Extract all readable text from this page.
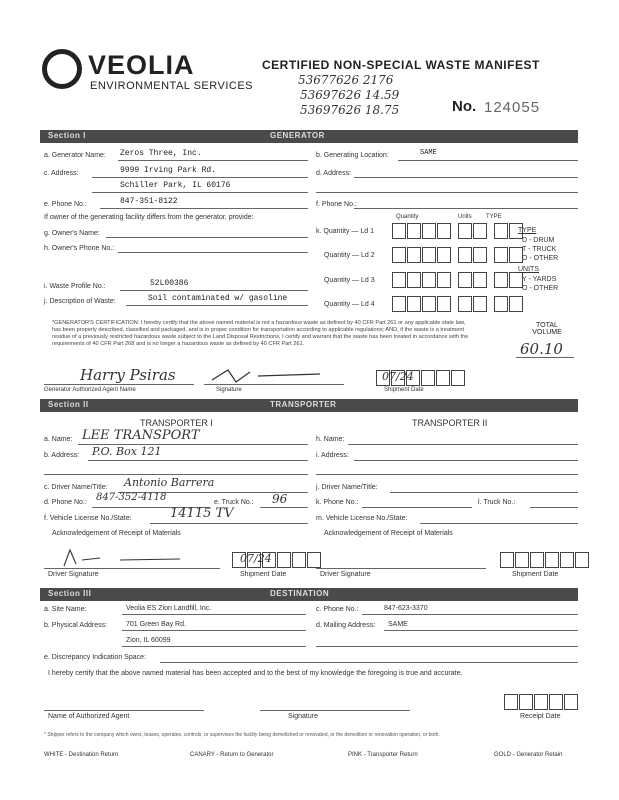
VEOLIA
ENVIRONMENTAL SERVICES
CERTIFIED NON-SPECIAL WASTE MANIFEST
53677626 2176
53697626 14.59
53697626 18.75	No. 124055
Section I	GENERATOR
a. Generator Name: Zeros Three, Inc.	b. Generating Location:	SAME
c. Address:	9999 Irving Park Rd.
Schiller Park, IL 60176
d. Address:
e. Phone No.:	847-351-8122	f. Phone No.:
If owner of the generating facility differs from the generator, provide:
g. Owner's Name:
h. Owner's Phone No.:
i. Waste Profile No.:	52L00386
j. Description of Waste:	Soil contaminated w/ gasoline
Quantity	Units TYPE
k. Quantity — Ld 1
Quantity — Ld 2
Quantity — Ld 3
Quantity — Ld 4
TYPE
D - DRUM
T - TRUCK
O - OTHER
UNITS
Y - YARDS
O - OTHER
*GENERATOR'S CERTIFICATION: I hereby certify that the above named material is not a hazardous waste as defined by 40 CFR Part 261 or any applicable state law, has been properly described, classified and packaged, and is in proper condition for transportation according to applicable regulations; AND, if the waste is a treatment residue of a previously restricted hazardous waste subject to the Land Disposal Restrictions, I certify and warrant that the waste has been treated in accordance with the requirements of 40 CFR Part 268 and is no longer a hazardous waste as defined by 40 CFR Part 261.
TOTAL VOLUME
60.10
Harry Psiras	07/24
Generator Authorized Agent Name	Signature	Shipment Date
Section II	TRANSPORTER
TRANSPORTER I	TRANSPORTER II
a. Name: LEE TRANSPORT
b. Address: P.O. Box 121
c. Driver Name/Title: Antonio Barrera
d. Phone No.: 847-352-4118	e. Truck No.: 96
f. Vehicle License No./State:	14115 TV
Acknowledgement of Receipt of Materials
07/24
Driver Signature	Shipment Date
h. Name:
i. Address:
j. Driver Name/Title:
k. Phone No.:	l. Truck No.:
m. Vehicle License No./State:
Acknowledgement of Receipt of Materials
Driver Signature	Shipment Date
Section III	DESTINATION
a. Site Name:	Veolia ES Zion Landfill, Inc.	c. Phone No.:	847-623-3370
b. Physical Address:	701 Green Bay Rd.
Zion, IL 60099
d. Mailing Address: SAME
e. Discrepancy Indication Space:
I hereby certify that the above named material has been accepted and to the best of my knowledge the foregoing is true and accurate.
Name of Authorized Agent	Signature	Receipt Date
* Shipper refers to the company which owns, leases, operates, controls, or supervises the facility being demolished or renovated, or the demolition or renovation operation, or both.
WHITE - Destination Return	CANARY - Return to Generator	PINK - Transporter Return	GOLD - Generator Retain
